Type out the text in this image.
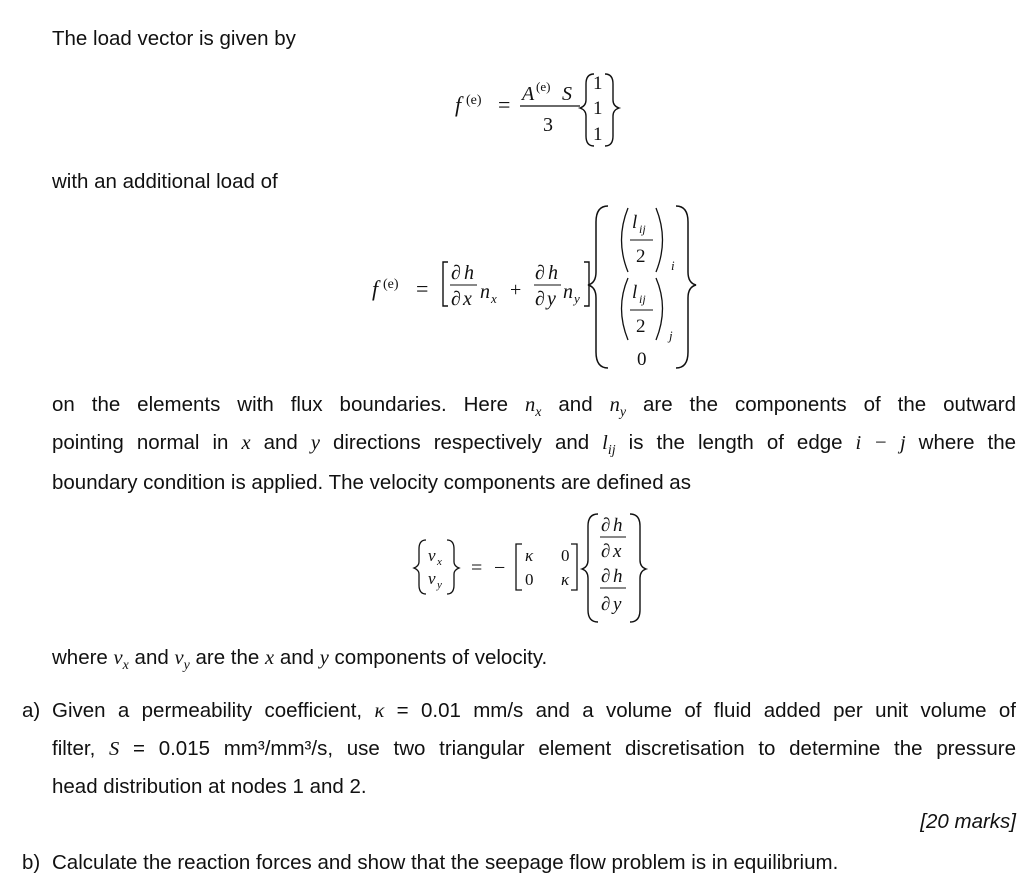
The load vector is given by
f (e) = A (e) S
3
1
1
1
with an additional load of
f (e) =
∂ h
∂ x n x +
∂ h
∂ y n y
l ij
2 i
l ij
2 j
0
on the elements with flux boundaries. Here $n_x$ and $n_y$ are the components of the outward
pointing normal in x and y directions respectively and $l_{ij}$ is the length of edge i − j where the
boundary condition is applied. The velocity components are defined as
v x
v y
= −
κ 0
0 κ
∂ h
∂ x
∂ h
∂ y
where $v_x$ and $v_y$ are the x and y components of velocity.
a) Given a permeability coefficient, κ = 0.01 mm/s and a volume of fluid added per unit volume of
filter, S = 0.015 mm³/mm³/s, use two triangular element discretisation to determine the pressure
head distribution at nodes 1 and 2.
[20 marks]
b) Calculate the reaction forces and show that the seepage flow problem is in equilibrium.
